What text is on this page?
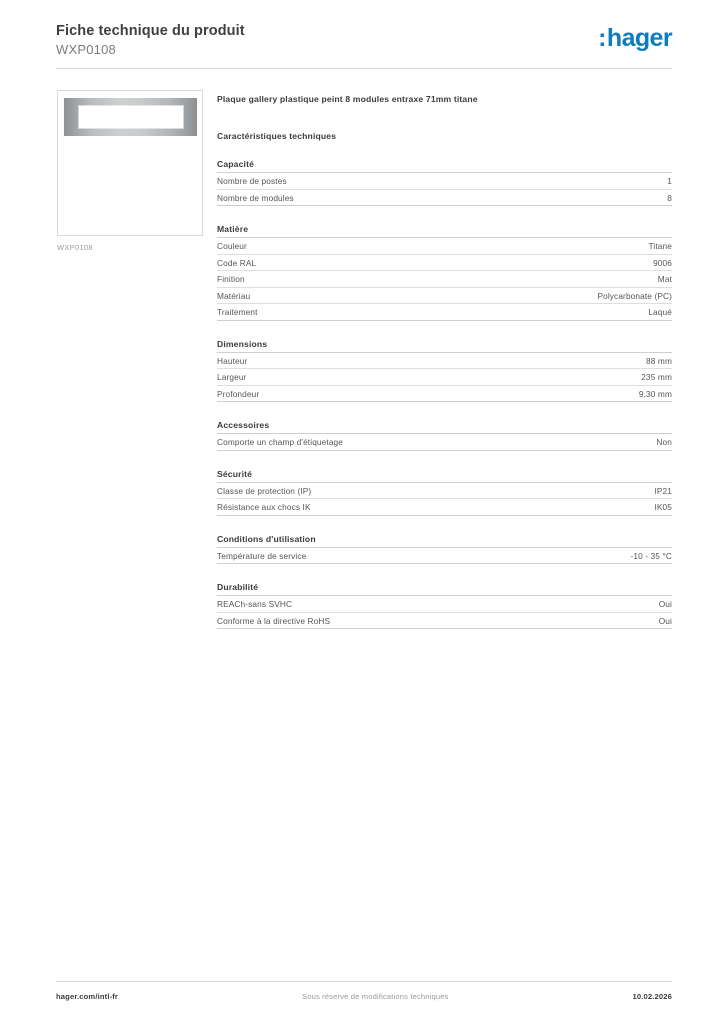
Fiche technique du produit
WXP0108	: hager
WXP0108
Plaque gallery plastique peint 8 modules entraxe 71mm titane
Caractéristiques techniques
Capacité
Nombre de postes	1
Nombre de modules	8
Matière
Couleur	Titane
Code RAL	9006
Finition	Mat
Matériau	Polycarbonate (PC)
Traitement	Laqué
Dimensions
Hauteur	88 mm
Largeur	235 mm
Profondeur	9,30 mm
Accessoires
Comporte un champ d'étiquetage	Non
Sécurité
Classe de protection (IP)	IP21
Résistance aux chocs IK	IK05
Conditions d'utilisation
Température de service	-10 - 35 °C
Durabilité
REACh-sans SVHC	Oui
Conforme à la directive RoHS	Oui
hager.com/intl-fr	Sous réserve de modifications techniques	10.02.2026
